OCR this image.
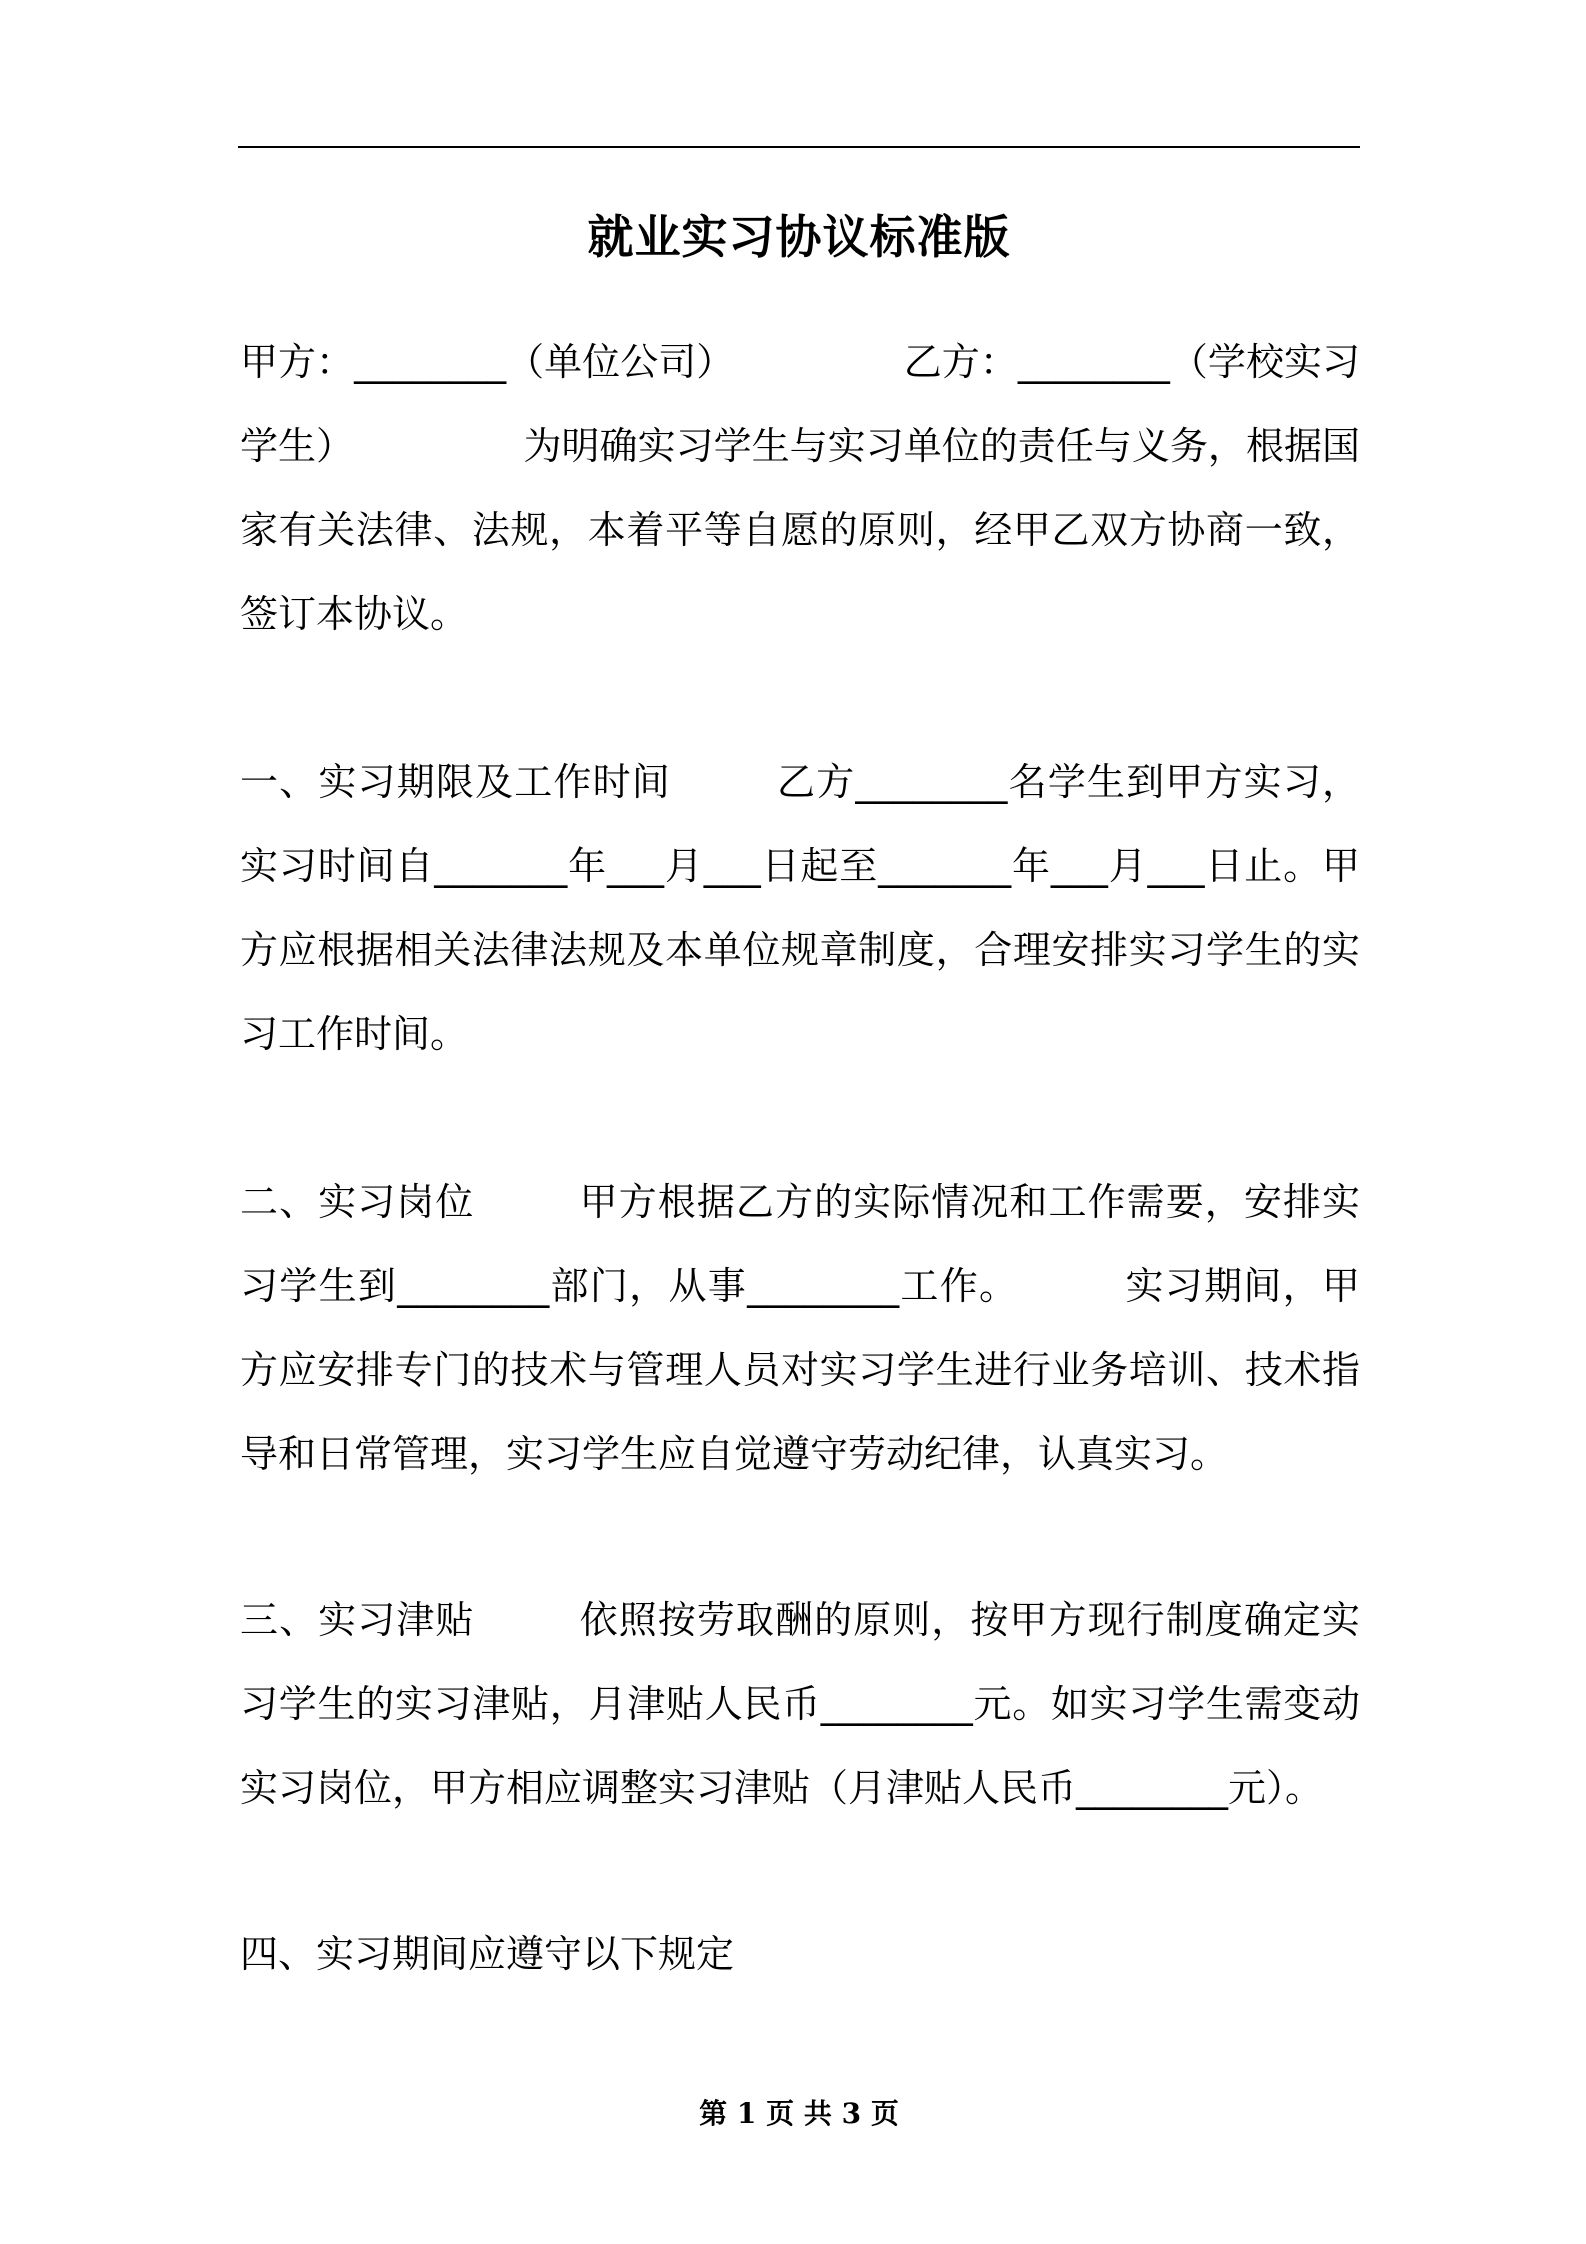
就业实习协议标准版
甲方：________（单位公司）              乙方：________（学校实习学生）              为明确实习学生与实习单位的责任与义务，根据国家有关法律、法规，本着平等自愿的原则，经甲乙双方协商一致，签订本协议。
一、实习期限及工作时间        乙方________名学生到甲方实习，实习时间自_______年___月___日起至_______年___月___日止。甲方应根据相关法律法规及本单位规章制度，合理安排实习学生的实习工作时间。
二、实习岗位        甲方根据乙方的实际情况和工作需要，安排实习学生到________部门，从事________工作。        实习期间，甲方应安排专门的技术与管理人员对实习学生进行业务培训、技术指导和日常管理，实习学生应自觉遵守劳动纪律，认真实习。
三、实习津贴        依照按劳取酬的原则，按甲方现行制度确定实习学生的实习津贴，月津贴人民币________元。如实习学生需变动实习岗位，甲方相应调整实习津贴（月津贴人民币________元）。
四、实习期间应遵守以下规定
第 1 页 共 3 页
